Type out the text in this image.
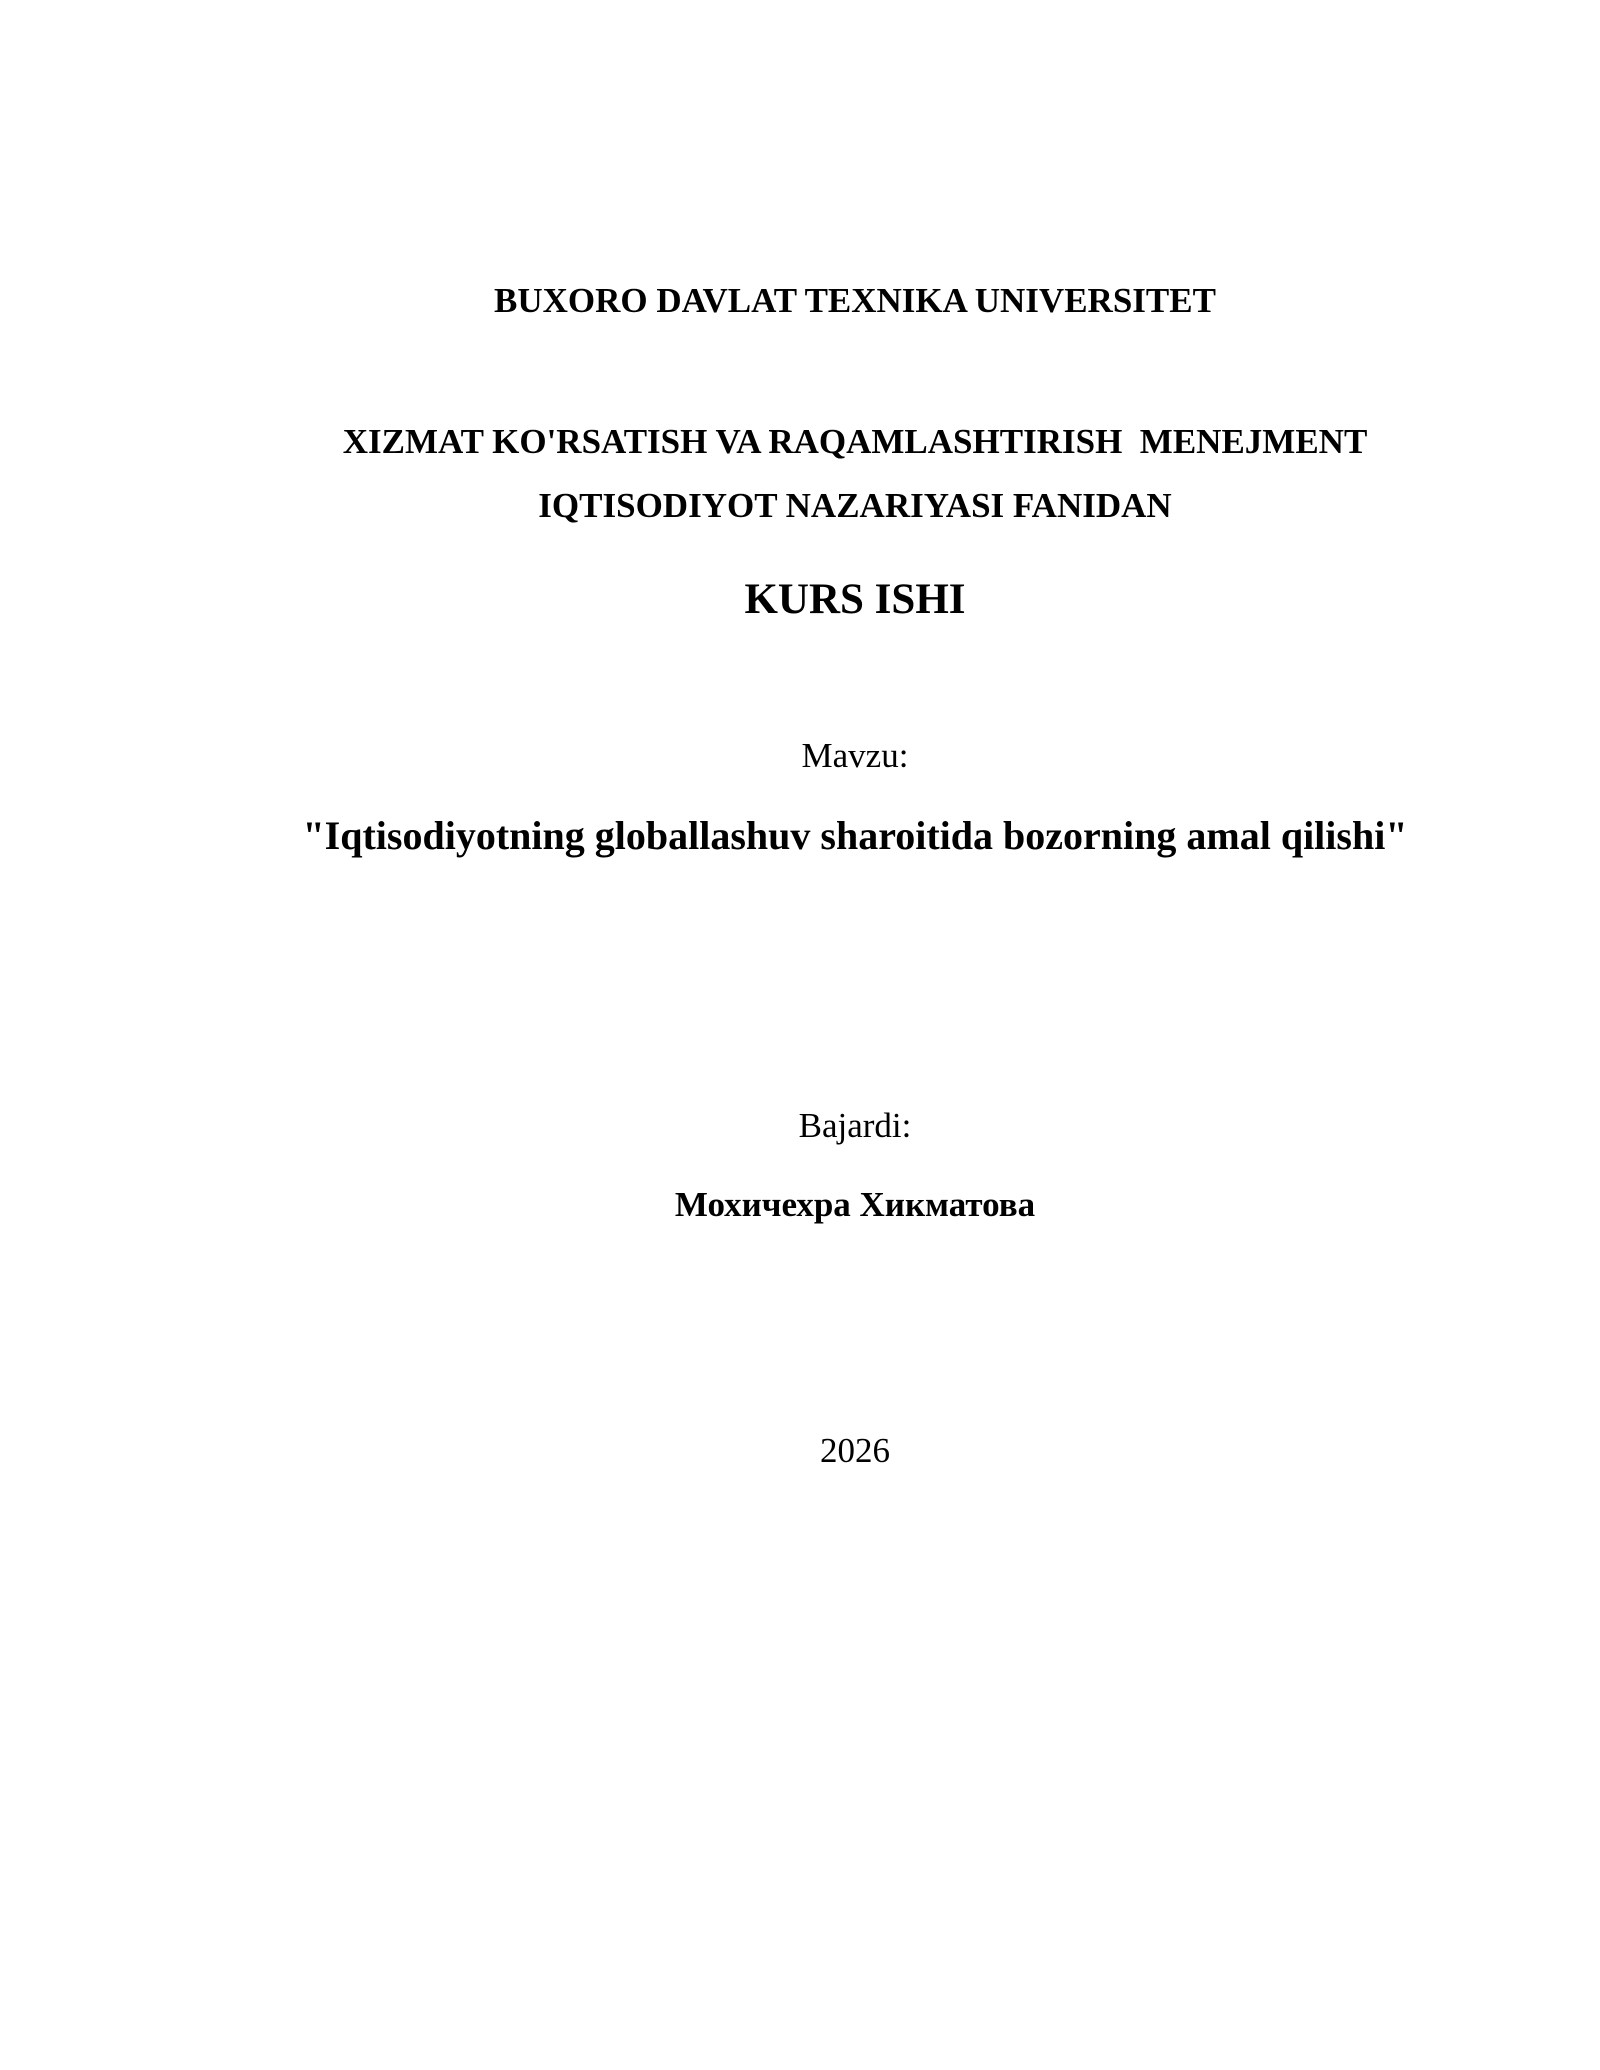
BUXORO DAVLAT TEXNIKA UNIVERSITET
XIZMAT KO'RSATISH VA RAQAMLASHTIRISH  MENEJMENT
IQTISODIYOT NAZARIYASI FANIDAN
KURS ISHI
Mavzu:
"Iqtisodiyotning globallashuv sharoitida bozorning amal qilishi"
Bajardi:
Мохичехра Хикматова
2026
